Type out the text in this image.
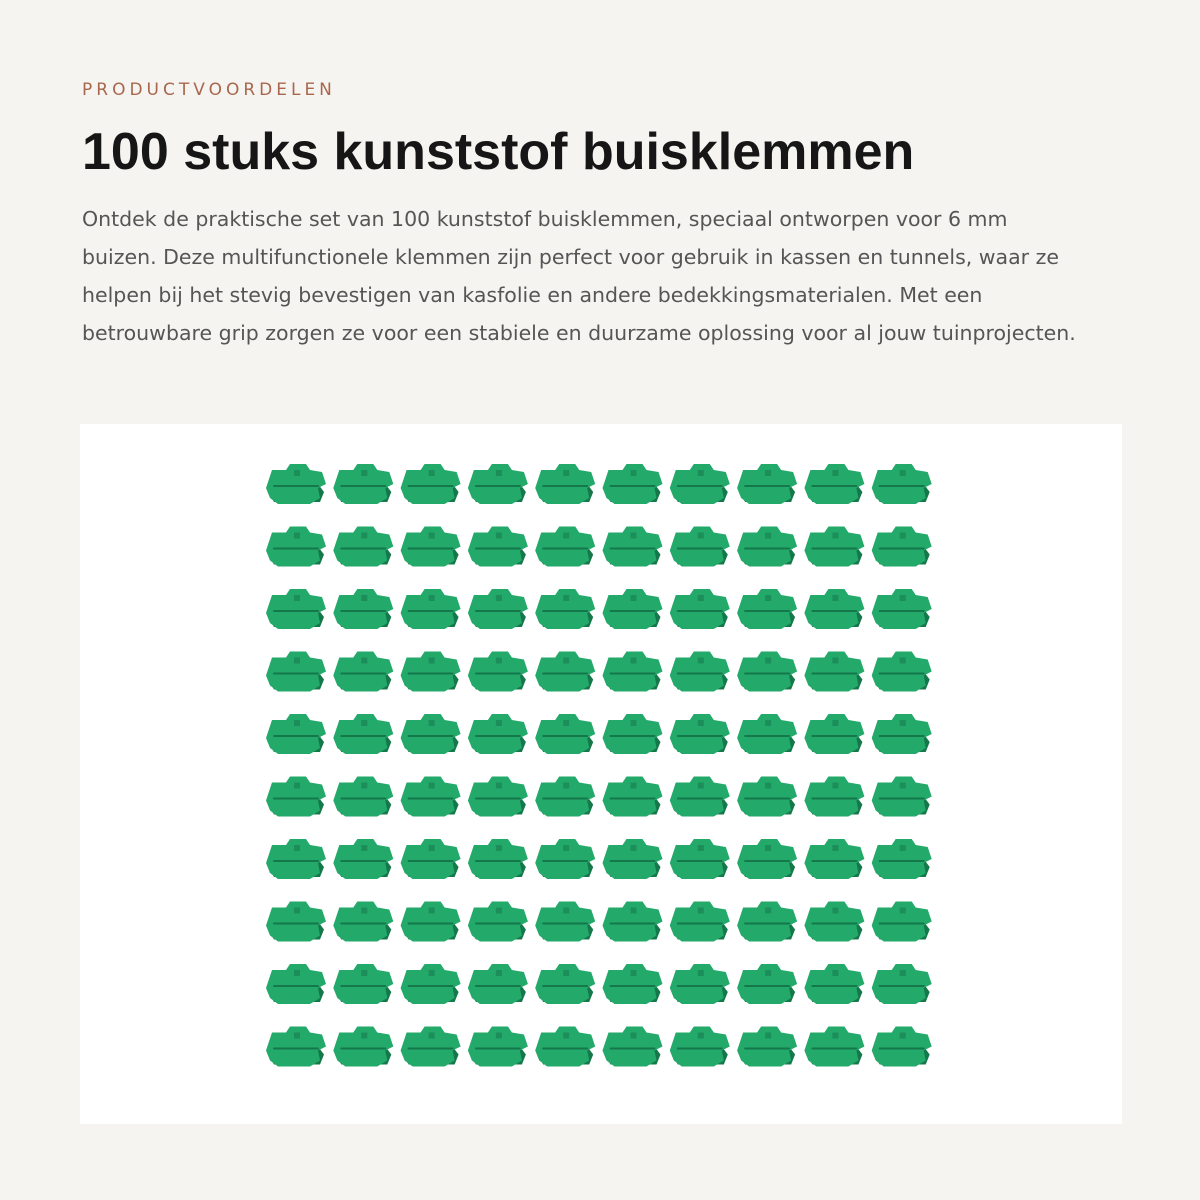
PRODUCTVOORDELEN
100 stuks kunststof buisklemmen

Ontdek de praktische set van 100 kunststof buisklemmen, speciaal ontworpen voor 6 mm buizen. Deze multifunctionele klemmen zijn perfect voor gebruik in kassen en tunnels, waar ze helpen bij het stevig bevestigen van kasfolie en andere bedekkingsmaterialen. Met een betrouwbare grip zorgen ze voor een stabiele en duurzame oplossing voor al jouw tuinprojecten.
